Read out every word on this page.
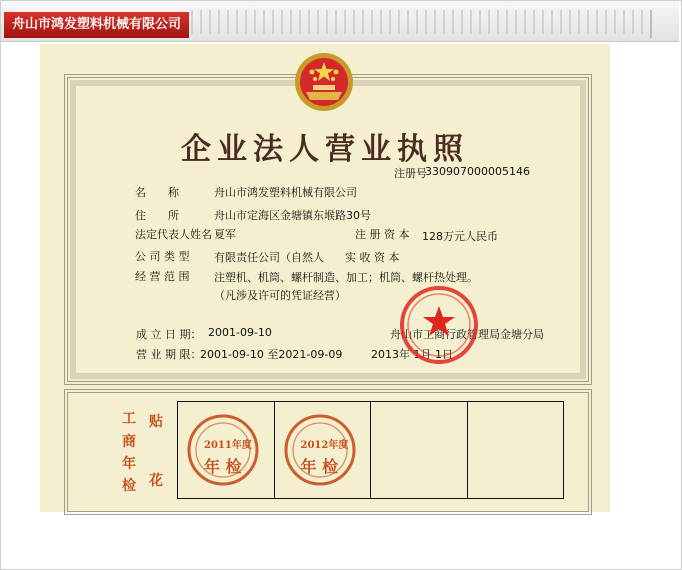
舟山市鸿发塑料机械有限公司
企业法人营业执照
注册号
330907000005146
名　　称	舟山市鸿发塑料机械有限公司
住　　所	舟山市定海区金塘镇东堠路30号
法定代表人姓名 夏军	注 册 资 本 128万元人民币
公 司 类 型 有限责任公司（自然人 实 收 资 本
经 营 范 围 注塑机、机筒、螺杆制造、加工；机筒、螺杆热处理。
（凡涉及许可的凭证经营）
成 立 日 期： 2001-09-10
营 业 期 限：
2001-09-10 至2021-09-09
舟山市工商行政管理局金塘分局
2013年 1月 1日
工
商
年
检
贴
花
2011年度
年 检
2012年度
年 检
